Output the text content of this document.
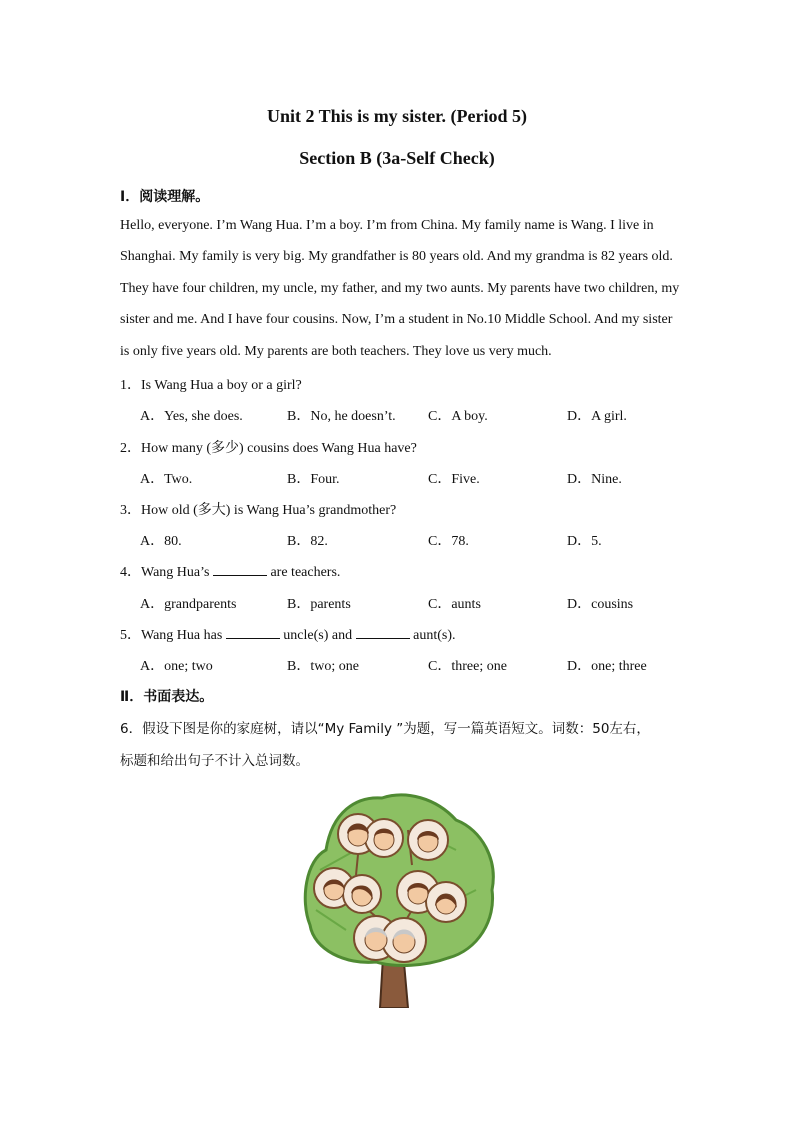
Unit 2 This is my sister. (Period 5)
Section B (3a-Self Check)
Ⅰ．阅读理解。
Hello, everyone. I’m Wang Hua. I’m a boy. I’m from China. My family name is Wang. I live in Shanghai. My family is very big. My grandfather is 80 years old. And my grandma is 82 years old. They have four children, my uncle, my father, and my two aunts. My parents have two children, my sister and me. And I have four cousins. Now, I’m a student in No.10 Middle School. And my sister is only five years old. My parents are both teachers. They love us very much.
1．Is Wang Hua a boy or a girl?
A．Yes, she does.	B．No, he doesn’t. C．A boy.	D．A girl.
2．How many (多少) cousins does Wang Hua have?
A．Two.	B．Four.	C．Five.	D．Nine.
3．How old (多大) is Wang Hua’s grandmother?
A．80.	B．82.	C．78.	D．5.
4．Wang Hua’s	are teachers.
A．grandparents	B．parents	C．aunts	D．cousins
5．Wang Hua has	uncle(s) and	aunt(s).
A．one; two	B．two; one	C．three; one	D．one; three
Ⅱ．书面表达。
6．假设下图是你的家庭树，请以“My Family ”为题，写一篇英语短文。词数：50左右，
标题和给出句子不计入总词数。
